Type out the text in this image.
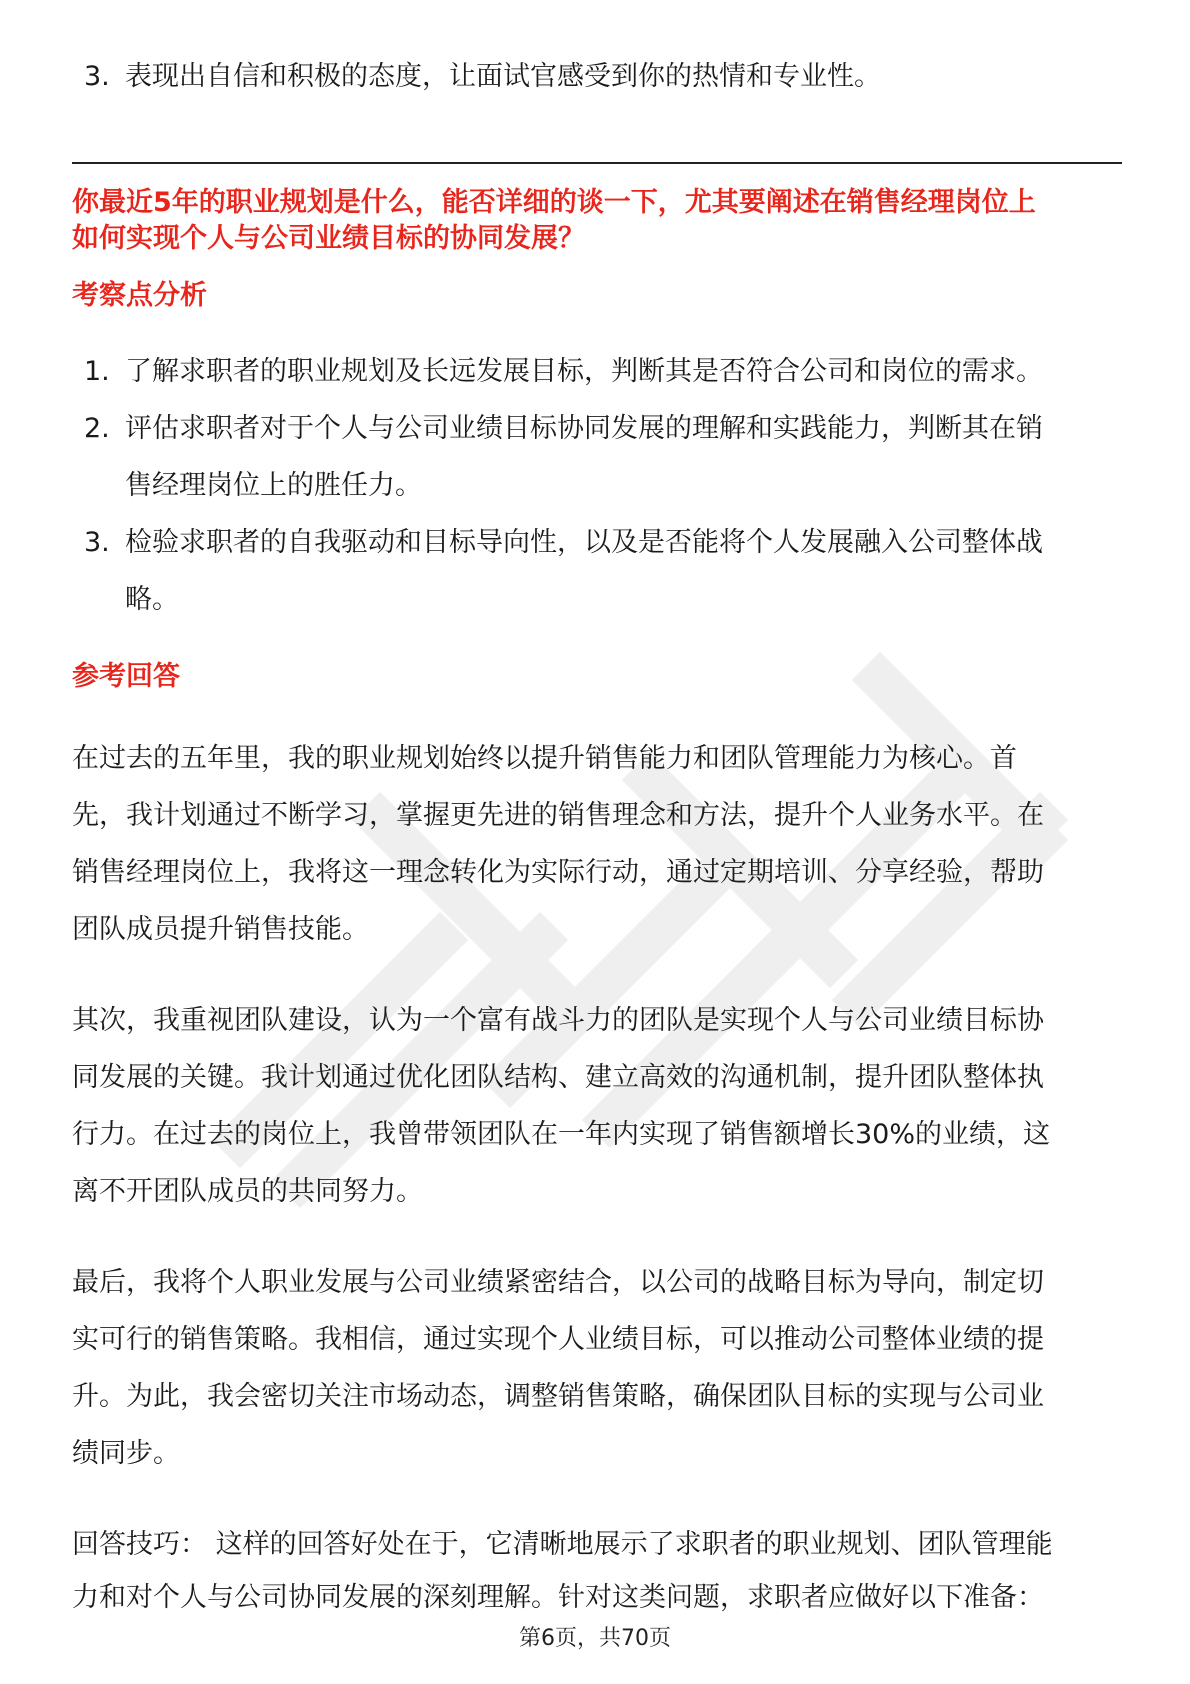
3. 表现出自信和积极的态度，让面试官感受到你的热情和专业性。
你最近5年的职业规划是什么，能否详细的谈一下，尤其要阐述在销售经理岗位上
如何实现个人与公司业绩目标的协同发展？
考察点分析
1. 了解求职者的职业规划及长远发展目标，判断其是否符合公司和岗位的需求。
2. 评估求职者对于个人与公司业绩目标协同发展的理解和实践能力，判断其在销
售经理岗位上的胜任力。
3. 检验求职者的自我驱动和目标导向性，以及是否能将个人发展融入公司整体战
略。
参考回答
在过去的五年里，我的职业规划始终以提升销售能力和团队管理能力为核心。首
先，我计划通过不断学习，掌握更先进的销售理念和方法，提升个人业务水平。在
销售经理岗位上，我将这一理念转化为实际行动，通过定期培训、分享经验，帮助
团队成员提升销售技能。
其次，我重视团队建设，认为一个富有战斗力的团队是实现个人与公司业绩目标协
同发展的关键。我计划通过优化团队结构、建立高效的沟通机制，提升团队整体执
行力。在过去的岗位上，我曾带领团队在一年内实现了销售额增长30%的业绩，这
离不开团队成员的共同努力。
最后，我将个人职业发展与公司业绩紧密结合，以公司的战略目标为导向，制定切
实可行的销售策略。我相信，通过实现个人业绩目标，可以推动公司整体业绩的提
升。为此，我会密切关注市场动态，调整销售策略，确保团队目标的实现与公司业
绩同步。
回答技巧： 这样的回答好处在于，它清晰地展示了求职者的职业规划、团队管理能
力和对个人与公司协同发展的深刻理解。针对这类问题，求职者应做好以下准备：
第6页，共70页
